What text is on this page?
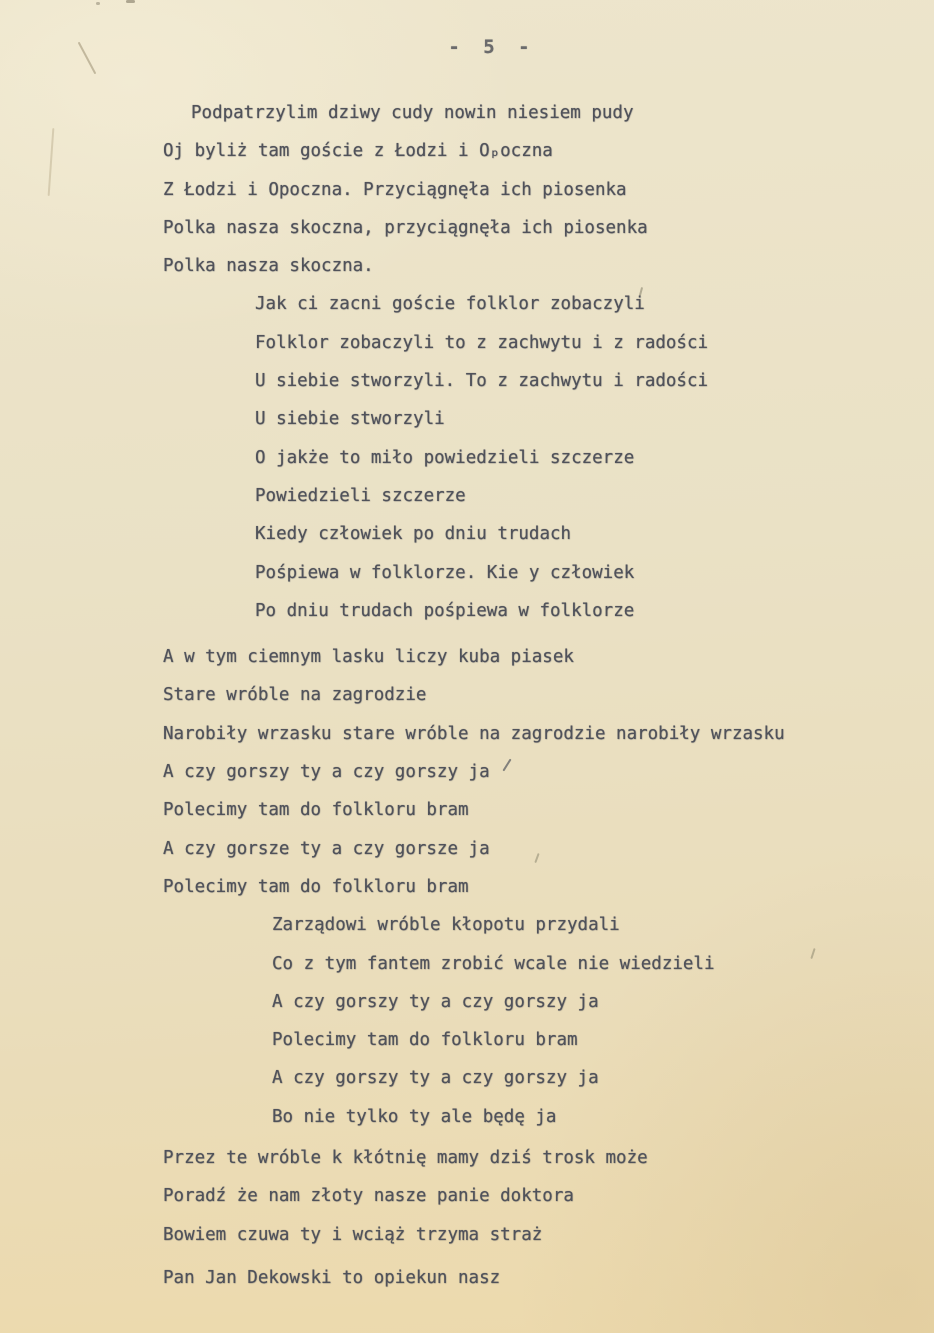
- 5 -
Podpatrzylim dziwy cudy nowin niesiem pudy
Oj byliż tam goście z Łodzi i Oₚoczna
Z Łodzi i Opoczna. Przyciągnęła ich piosenka
Polka nasza skoczna, przyciągnęła ich piosenka
Polka nasza skoczna.
Jak ci zacni goście folklor zobaczyli
Folklor zobaczyli to z zachwytu i z radości
U siebie stworzyli. To z zachwytu i radości
U siebie stworzyli
O jakże to miło powiedzieli szczerze
Powiedzieli szczerze
Kiedy człowiek po dniu trudach
Pośpiewa w folklorze. Kie y człowiek
Po dniu trudach pośpiewa w folklorze
A w tym ciemnym lasku liczy kuba piasek
Stare wróble na zagrodzie
Narobiły wrzasku stare wróble na zagrodzie narobiły wrzasku
A czy gorszy ty a czy gorszy ja
Polecimy tam do folkloru bram
A czy gorsze ty a czy gorsze ja
Polecimy tam do folkloru bram
Zarządowi wróble kłopotu przydali
Co z tym fantem zrobić wcale nie wiedzieli
A czy gorszy ty a czy gorszy ja
Polecimy tam do folkloru bram
A czy gorszy ty a czy gorszy ja
Bo nie tylko ty ale będę ja
Przez te wróble k kłótnię mamy dziś trosk może
Poradź że nam złoty nasze panie doktora
Bowiem czuwa ty i wciąż trzyma straż
Pan Jan Dekowski to opiekun nasz
